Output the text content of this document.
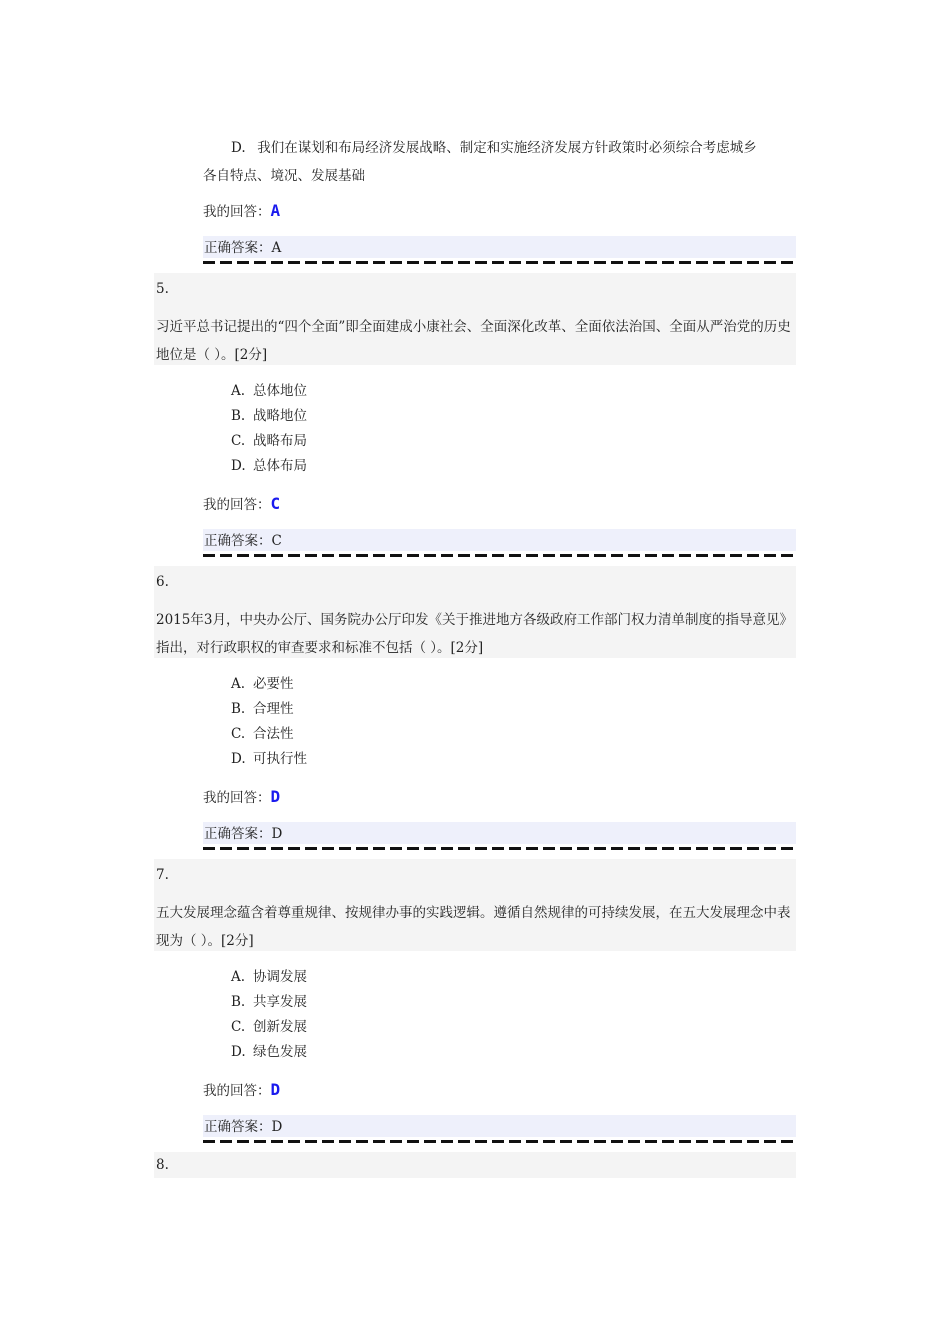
D. 我们在谋划和布局经济发展战略、制定和实施经济发展方针政策时必须综合考虑城乡
各自特点、境况、发展基础
我的回答：A
正确答案：A
5.
习近平总书记提出的“四个全面”即全面建成小康社会、全面深化改革、全面依法治国、全面从严治党的历史地位是（ ）。[2分]
A. 总体地位
B. 战略地位
C. 战略布局
D. 总体布局
我的回答：C
正确答案：C
6.
2015年3月，中央办公厅、国务院办公厅印发《关于推进地方各级政府工作部门权力清单制度的指导意见》指出，对行政职权的审查要求和标准不包括（ ）。[2分]
A. 必要性
B. 合理性
C. 合法性
D. 可执行性
我的回答：D
正确答案：D
7.
五大发展理念蕴含着尊重规律、按规律办事的实践逻辑。遵循自然规律的可持续发展，在五大发展理念中表现为（ ）。[2分]
A. 协调发展
B. 共享发展
C. 创新发展
D. 绿色发展
我的回答：D
正确答案：D
8.
